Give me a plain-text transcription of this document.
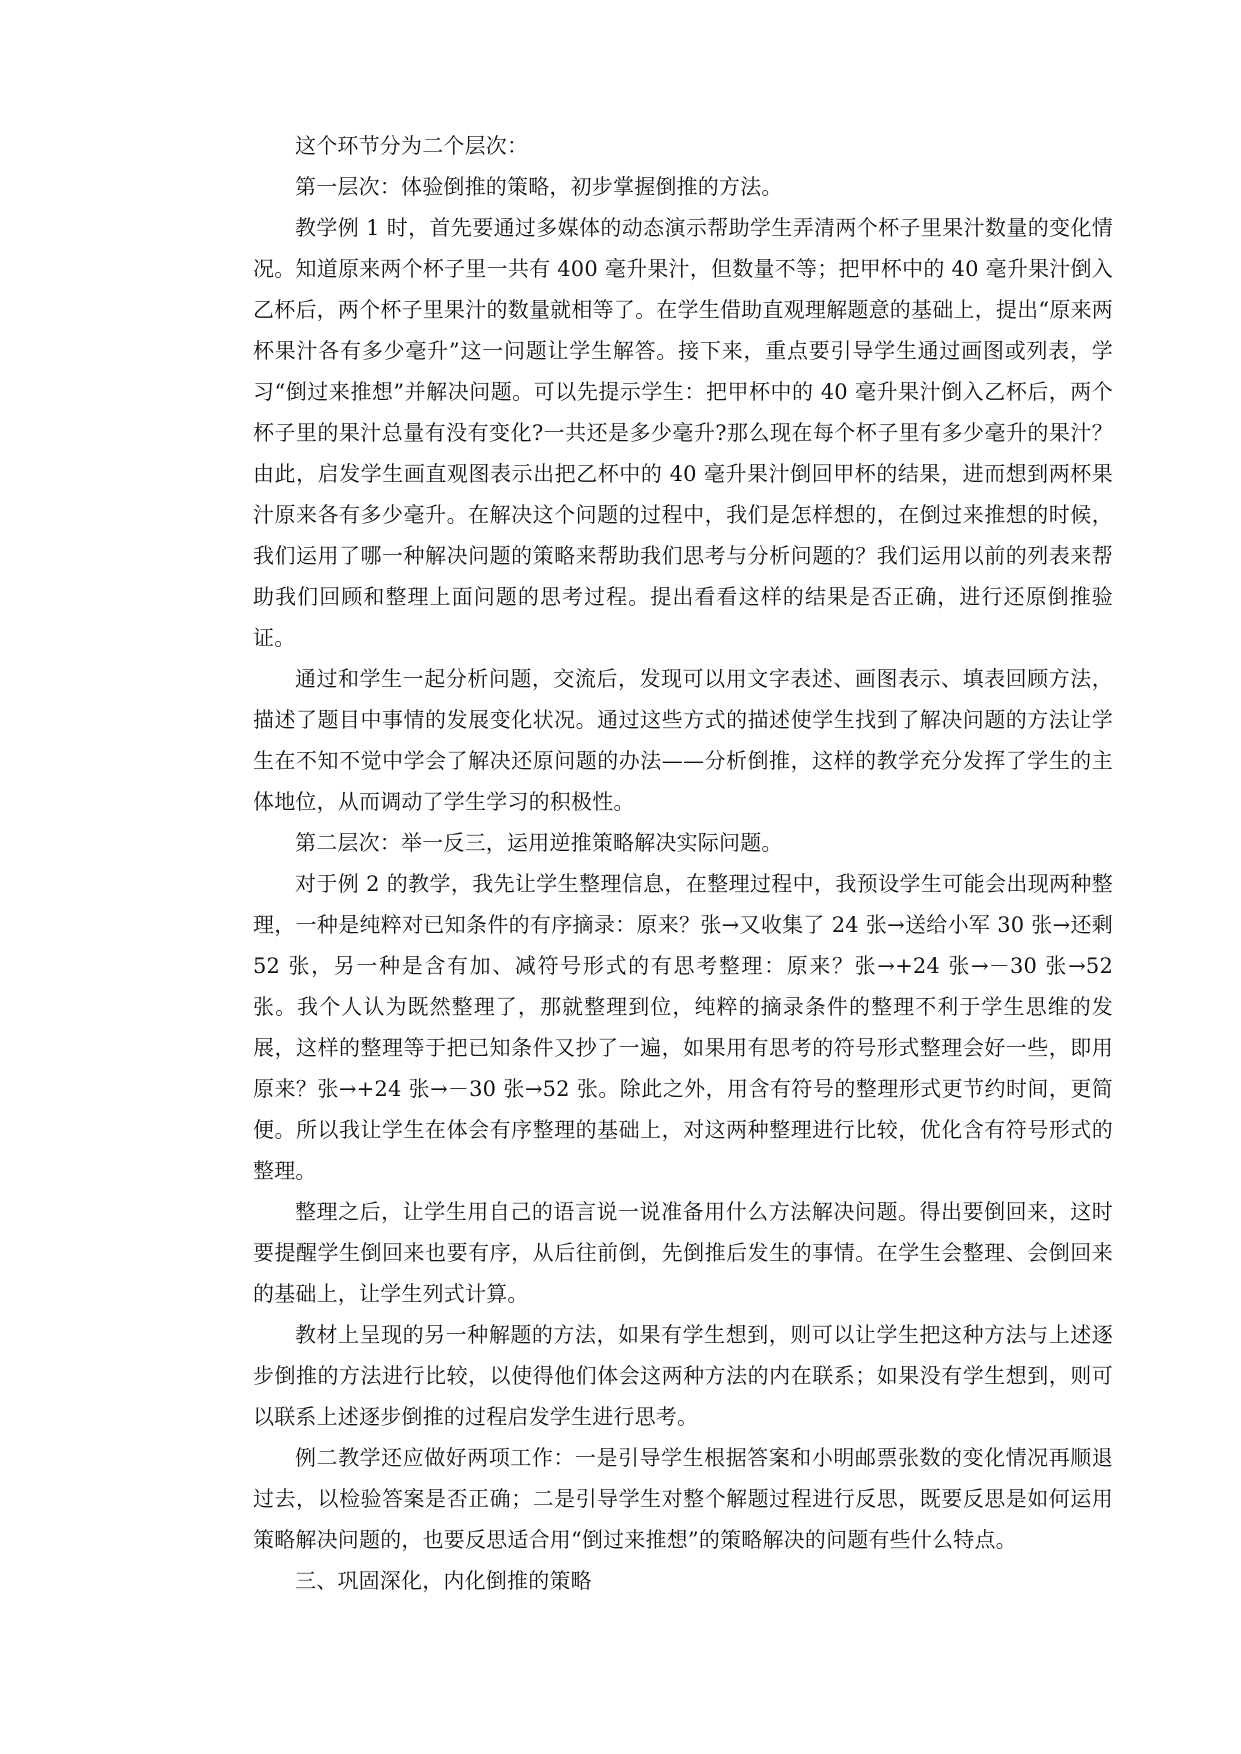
这个环节分为二个层次：

第一层次：体验倒推的策略，初步掌握倒推的方法。

教学例 1 时，首先要通过多媒体的动态演示帮助学生弄清两个杯子里果汁数量的变化情况。知道原来两个杯子里一共有 400 毫升果汁，但数量不等；把甲杯中的 40 毫升果汁倒入乙杯后，两个杯子里果汁的数量就相等了。在学生借助直观理解题意的基础上，提出“原来两杯果汁各有多少毫升”这一问题让学生解答。接下来，重点要引导学生通过画图或列表，学习“倒过来推想”并解决问题。可以先提示学生：把甲杯中的 40 毫升果汁倒入乙杯后，两个杯子里的果汁总量有没有变化?一共还是多少毫升?那么现在每个杯子里有多少毫升的果汁？由此，启发学生画直观图表示出把乙杯中的 40 毫升果汁倒回甲杯的结果，进而想到两杯果汁原来各有多少毫升。在解决这个问题的过程中，我们是怎样想的，在倒过来推想的时候，我们运用了哪一种解决问题的策略来帮助我们思考与分析问题的？我们运用以前的列表来帮助我们回顾和整理上面问题的思考过程。提出看看这样的结果是否正确，进行还原倒推验证。

通过和学生一起分析问题，交流后，发现可以用文字表述、画图表示、填表回顾方法，描述了题目中事情的发展变化状况。通过这些方式的描述使学生找到了解决问题的方法让学生在不知不觉中学会了解决还原问题的办法——分析倒推，这样的教学充分发挥了学生的主体地位，从而调动了学生学习的积极性。

第二层次：举一反三，运用逆推策略解决实际问题。

对于例 2 的教学，我先让学生整理信息，在整理过程中，我预设学生可能会出现两种整理，一种是纯粹对已知条件的有序摘录：原来？张→又收集了 24 张→送给小军 30 张→还剩 52 张，另一种是含有加、减符号形式的有思考整理：原来？张→+24 张→－30 张→52 张。我个人认为既然整理了，那就整理到位，纯粹的摘录条件的整理不利于学生思维的发展，这样的整理等于把已知条件又抄了一遍，如果用有思考的符号形式整理会好一些，即用原来？张→+24 张→－30 张→52 张。除此之外，用含有符号的整理形式更节约时间，更简便。所以我让学生在体会有序整理的基础上，对这两种整理进行比较，优化含有符号形式的整理。

整理之后，让学生用自己的语言说一说准备用什么方法解决问题。得出要倒回来，这时要提醒学生倒回来也要有序，从后往前倒，先倒推后发生的事情。在学生会整理、会倒回来的基础上，让学生列式计算。

教材上呈现的另一种解题的方法，如果有学生想到，则可以让学生把这种方法与上述逐步倒推的方法进行比较，以使得他们体会这两种方法的内在联系；如果没有学生想到，则可以联系上述逐步倒推的过程启发学生进行思考。

例二教学还应做好两项工作：一是引导学生根据答案和小明邮票张数的变化情况再顺退过去，以检验答案是否正确；二是引导学生对整个解题过程进行反思，既要反思是如何运用策略解决问题的，也要反思适合用“倒过来推想”的策略解决的问题有些什么特点。

三、巩固深化，内化倒推的策略
